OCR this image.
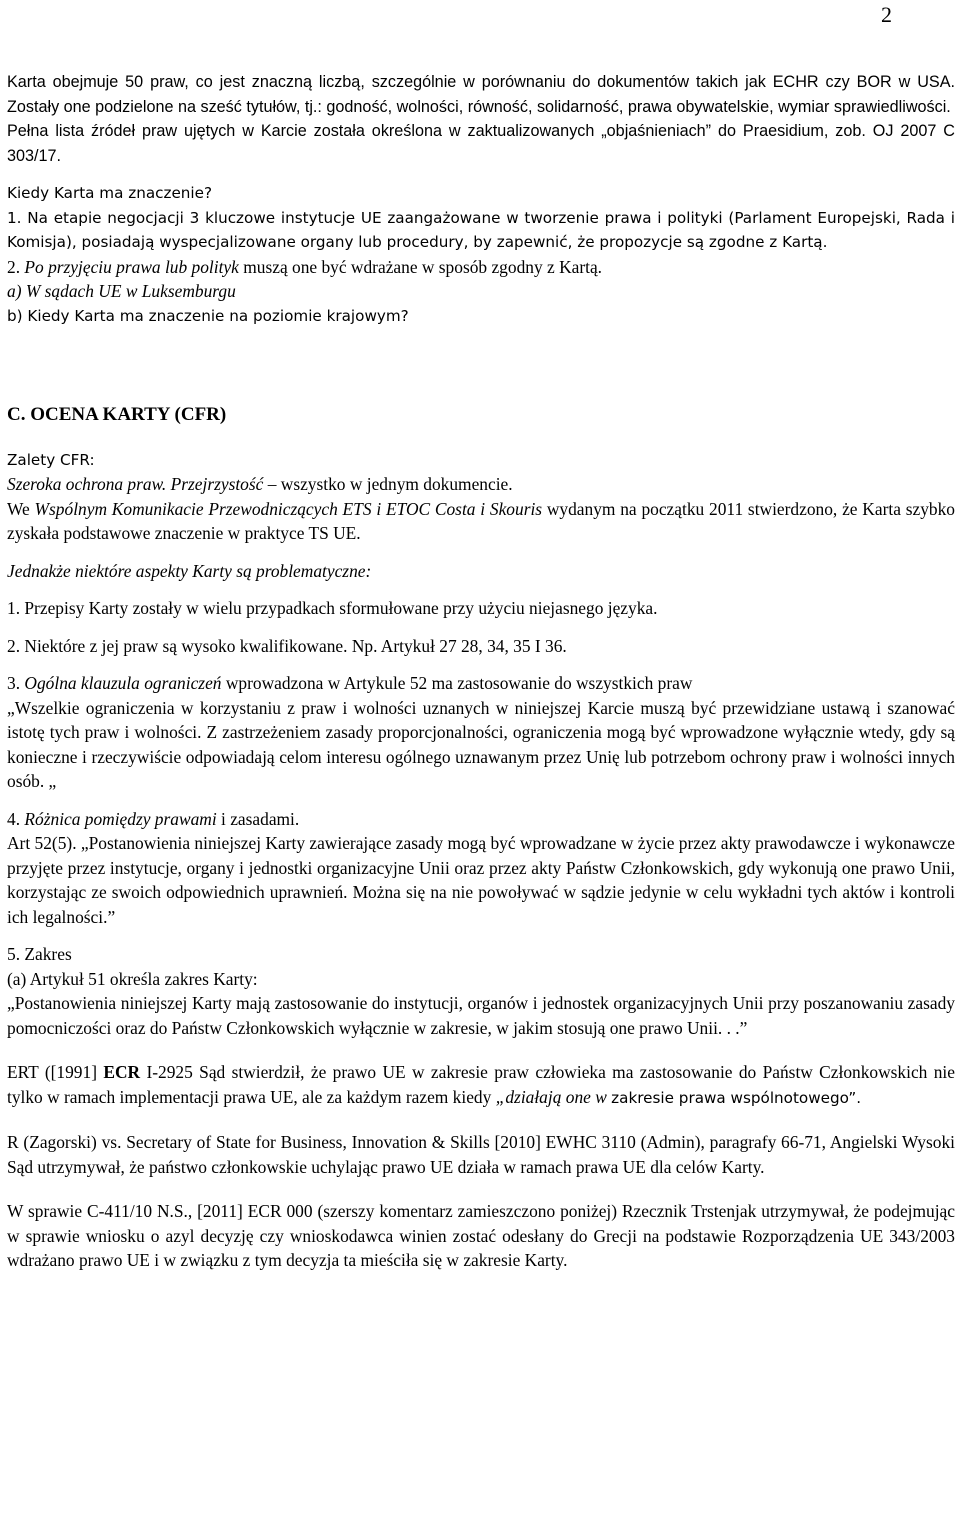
2

Karta obejmuje 50 praw, co jest znaczną liczbą, szczególnie w porównaniu do dokumentów takich jak ECHR czy BOR w USA. Zostały one podzielone na sześć tytułów, tj.: godność, wolności, równość, solidarność, prawa obywatelskie, wymiar sprawiedliwości.

Pełna lista źródeł praw ujętych w Karcie została określona w zaktualizowanych „objaśnieniach” do Praesidium, zob. OJ 2007 C 303/17.

Kiedy Karta ma znaczenie?

1. Na etapie negocjacji 3 kluczowe instytucje UE zaangażowane w tworzenie prawa i polityki (Parlament Europejski, Rada i Komisja), posiadają wyspecjalizowane organy lub procedury, by zapewnić, że propozycje są zgodne z Kartą.

2. Po przyjęciu prawa lub polityk muszą one być wdrażane w sposób zgodny z Kartą.

a) W sądach UE w Luksemburgu

b) Kiedy Karta ma znaczenie na poziomie krajowym?

C. OCENA KARTY (CFR)

Zalety CFR:

Szeroka ochrona praw. Przejrzystość – wszystko w jednym dokumencie.

We Wspólnym Komunikacie Przewodniczących ETS i ETOC Costa i Skouris wydanym na początku 2011 stwierdzono, że Karta szybko zyskała podstawowe znaczenie w praktyce TS UE.

Jednakże niektóre aspekty Karty są problematyczne:

1. Przepisy Karty zostały w wielu przypadkach sformułowane przy użyciu niejasnego języka.

2. Niektóre z jej praw są wysoko kwalifikowane. Np. Artykuł 27 28, 34, 35 I 36.

3. Ogólna klauzula ograniczeń wprowadzona w Artykule 52 ma zastosowanie do wszystkich praw

„Wszelkie ograniczenia w korzystaniu z praw i wolności uznanych w niniejszej Karcie muszą być przewidziane ustawą i szanować istotę tych praw i wolności. Z zastrzeżeniem zasady proporcjonalności, ograniczenia mogą być wprowadzone wyłącznie wtedy, gdy są konieczne i rzeczywiście odpowiadają celom interesu ogólnego uznawanym przez Unię lub potrzebom ochrony praw i wolności innych osób. „

4. Różnica pomiędzy prawami i zasadami.

Art 52(5). „Postanowienia niniejszej Karty zawierające zasady mogą być wprowadzane w życie przez akty prawodawcze i wykonawcze przyjęte przez instytucje, organy i jednostki organizacyjne Unii oraz przez akty Państw Członkowskich, gdy wykonują one prawo Unii, korzystając ze swoich odpowiednich uprawnień. Można się na nie powoływać w sądzie jedynie w celu wykładni tych aktów i kontroli ich legalności.”

5. Zakres

(a) Artykuł 51 określa zakres Karty:

„Postanowienia niniejszej Karty mają zastosowanie do instytucji, organów i jednostek organizacyjnych Unii przy poszanowaniu zasady pomocniczości oraz do Państw Członkowskich wyłącznie w zakresie, w jakim stosują one prawo Unii. . .”

ERT ([1991] ECR I-2925 Sąd stwierdził, że prawo UE w zakresie praw człowieka ma zastosowanie do Państw Członkowskich nie tylko w ramach implementacji prawa UE, ale za każdym razem kiedy „działają one w zakresie prawa wspólnotowego”.

R (Zagorski) vs. Secretary of State for Business, Innovation & Skills [2010] EWHC 3110 (Admin), paragrafy 66-71, Angielski Wysoki Sąd utrzymywał, że państwo członkowskie uchylając prawo UE działa w ramach prawa UE dla celów Karty.

W sprawie C-411/10 N.S., [2011] ECR 000 (szerszy komentarz zamieszczono poniżej) Rzecznik Trstenjak utrzymywał, że podejmując w sprawie wniosku o azyl decyzję czy wnioskodawca winien zostać odesłany do Grecji na podstawie Rozporządzenia UE 343/2003 wdrażano prawo UE i w związku z tym decyzja ta mieściła się w zakresie Karty.
